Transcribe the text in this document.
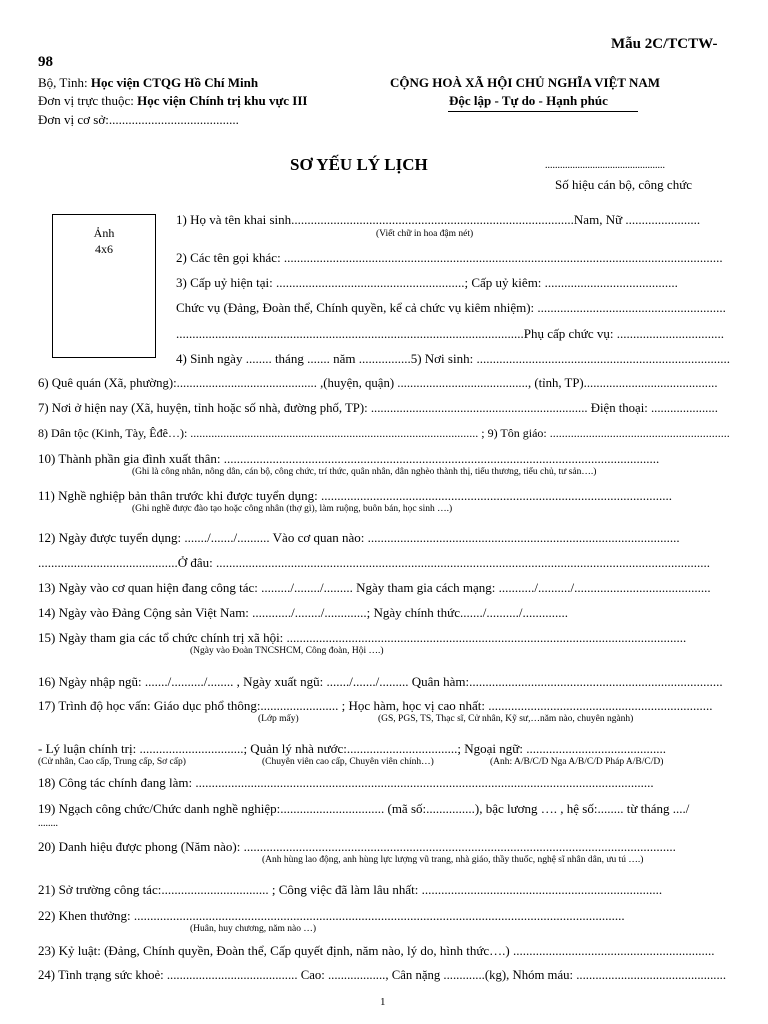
Mẫu 2C/TCTW-
98
Bộ, Tỉnh: Học viện CTQG Hồ Chí Minh
Đơn vị trực thuộc: Học viện Chính trị khu vực III
Đơn vị cơ sở:........................................
CỘNG HOÀ XÃ HỘI CHỦ NGHĨA VIỆT NAM
Độc lập - Tự do - Hạnh phúc
SƠ YẾU LÝ LỊCH	................................................
Số hiệu cán bộ, công chức
Ảnh
4x6
1) Họ và tên khai sinh.......................................................................................Nam, Nữ .......................
(Viết chữ in hoa đậm nét)
2) Các tên gọi khác: .......................................................................................................................................
3) Cấp uỷ hiện tại: ..........................................................; Cấp uỷ kiêm: .........................................
Chức vụ (Đảng, Đoàn thể, Chính quyền, kể cả chức vụ kiêm nhiệm): ..........................................................
...........................................................................................................Phụ cấp chức vụ: .................................
4) Sinh ngày ........ tháng ....... năm ................5) Nơi sinh: ..............................................................................
6) Quê quán (Xã, phường):............................................ ,(huyện, quận) ........................................., (tỉnh, TP)..........................................
7) Nơi ở hiện nay (Xã, huyện, tỉnh hoặc số nhà, đường phố, TP): .................................................................... Điện thoại: .....................
8) Dân tộc (Kinh, Tày, Êđê…): ................................................................................................ ; 9) Tôn giáo: ............................................................
10) Thành phần gia đình xuất thân: ......................................................................................................................................
(Ghi là công nhân, nông dân, cán bộ, công chức, trí thức, quân nhân, dân nghèo thành thị, tiểu thương, tiểu chủ, tư sản….)
11) Nghề nghiệp bản thân trước khi được tuyển dụng: ............................................................................................................
(Ghi nghề được đào tạo hoặc công nhân (thợ gì), làm ruộng, buôn bán, học sinh ….)
12) Ngày được tuyển dụng: ......./......./.......... Vào cơ quan nào: ................................................................................................
...........................................Ở đâu: ........................................................................................................................................................
13) Ngày vào cơ quan hiện đang công tác: ........./......../......... Ngày tham gia cách mạng: .........../........../..........................................
14) Ngày vào Đảng Cộng sản Việt Nam: ............/......../.............; Ngày chính thức......./........../..............
15) Ngày tham gia các tổ chức chính trị xã hội: ...........................................................................................................................
(Ngày vào Đoàn TNCSHCM, Công đoàn, Hội ….)
16) Ngày nhập ngũ: ......./........../........ , Ngày xuất ngũ: ......./......./......... Quân hàm:..............................................................................
17) Trình độ học vấn: Giáo dục phổ thông:........................ ; Học hàm, học vị cao nhất: .....................................................................
(Lớp mấy)	(GS, PGS, TS, Thạc sĩ, Cử nhân, Kỹ sư,…năm nào, chuyên ngành)
- Lý luận chính trị: ................................; Quản lý nhà nước:..................................; Ngoại ngữ: ...........................................
(Cử nhân, Cao cấp, Trung cấp, Sơ cấp)	(Chuyên viên cao cấp, Chuyên viên chính…)	(Anh: A/B/C/D Nga A/B/C/D Pháp A/B/C/D)
18) Công tác chính đang làm: .............................................................................................................................................
19) Ngạch công chức/Chức danh nghề nghiệp:................................ (mã số:...............), bậc lương …. , hệ số:........ từ tháng ..../
........
20) Danh hiệu được phong (Năm nào): .....................................................................................................................................
(Anh hùng lao động, anh hùng lực lượng vũ trang, nhà giáo, thầy thuốc, nghệ sĩ nhân dân, ưu tú ….)
21) Sở trường công tác:................................. ; Công việc đã làm lâu nhất: ..........................................................................
22) Khen thưởng: .......................................................................................................................................................
(Huân, huy chương, năm nào …)
23) Kỷ luật: (Đảng, Chính quyền, Đoàn thể, Cấp quyết định, năm nào, lý do, hình thức….) ..............................................................
24) Tình trạng sức khoẻ: ......................................... Cao: .................., Cân nặng .............(kg), Nhóm máu: ...............................................
1
